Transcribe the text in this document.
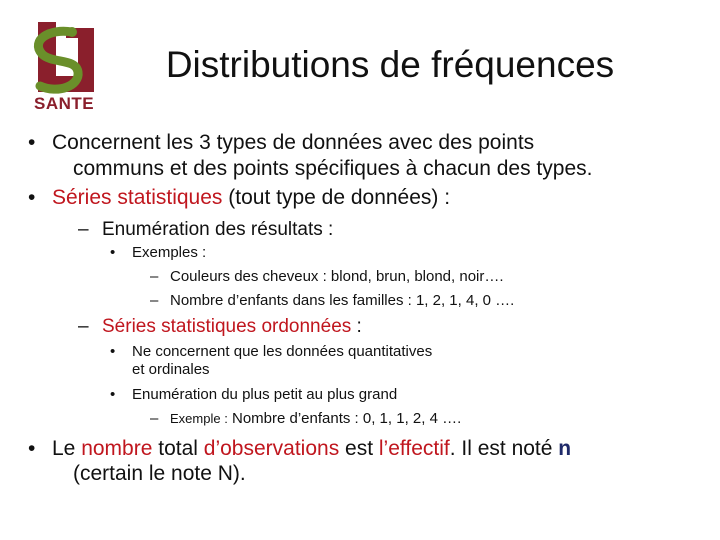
SANTE
Distributions de fréquences
• Concernent les 3 types de données avec des points
communs et des points spécifiques à chacun des types.
• Séries statistiques (tout type de données) :
– Enumération des résultats :
• Exemples :
– Couleurs des cheveux : blond, brun, blond, noir….
– Nombre d’enfants dans les familles : 1, 2, 1, 4, 0 ….
– Séries statistiques ordonnées :
• Ne concernent que les données quantitatives
et ordinales
• Enumération du plus petit au plus grand
– Exemple : Nombre d’enfants : 0, 1, 1, 2, 4 ….
• Le nombre total d’observations est l’effectif. Il est noté n
(certain le note N).
